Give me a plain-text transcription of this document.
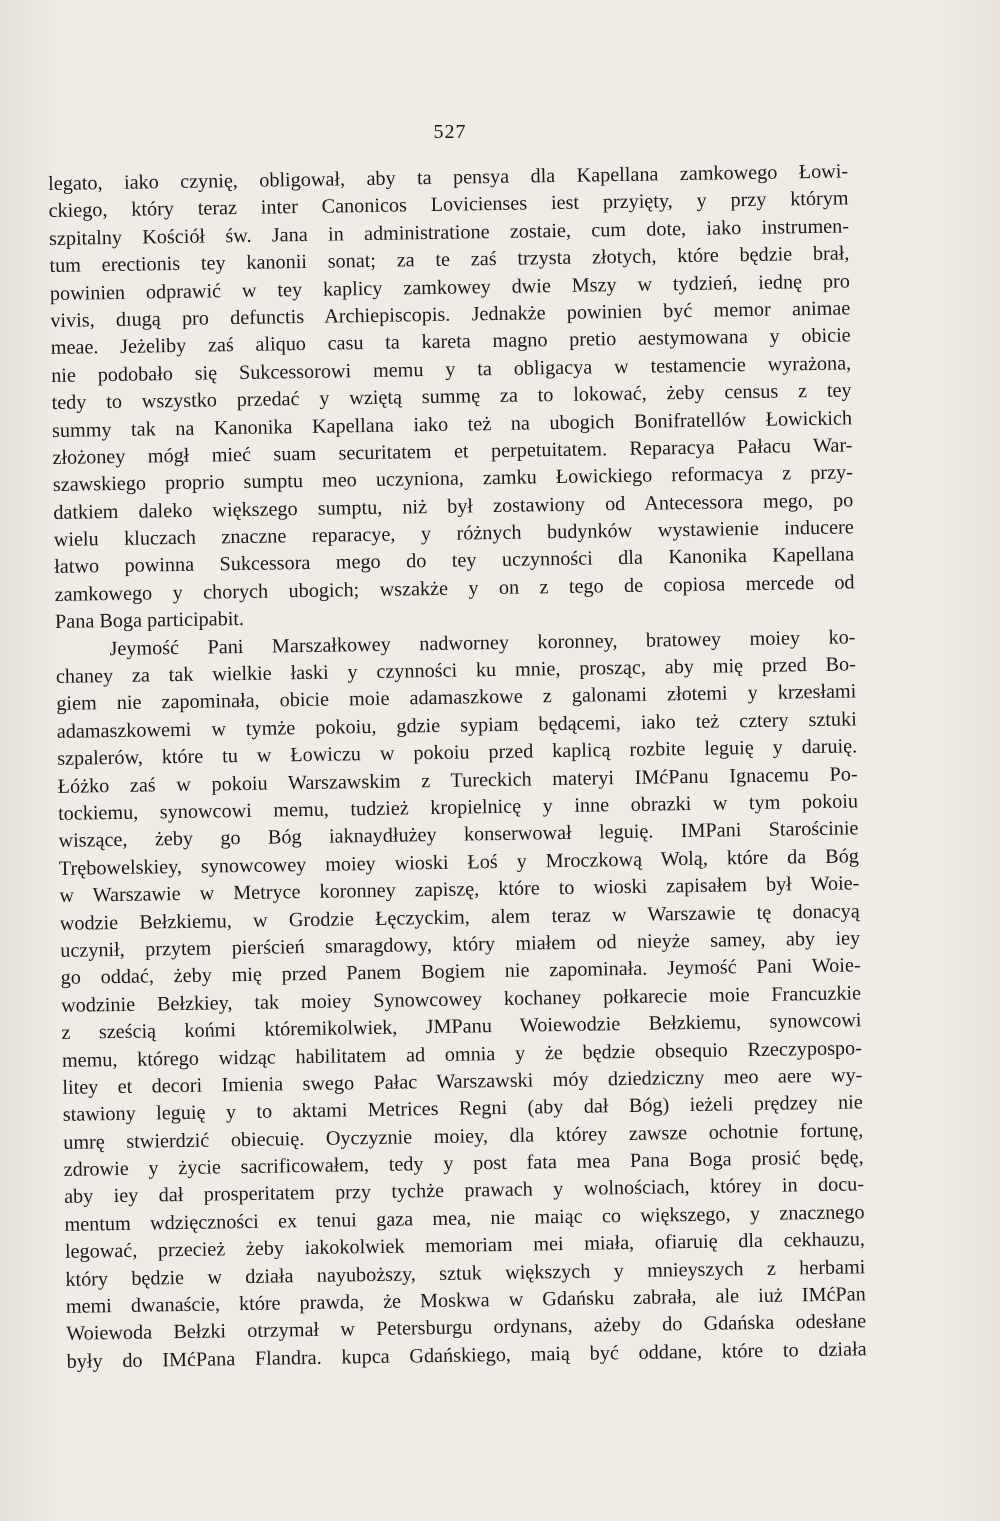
527
legato, iako czynię, obligował, aby ta pensya dla Kapellana zamkowego Łowi-
ckiego, który teraz inter Canonicos Lovicienses iest przyięty, y przy którym
szpitalny Kościół św. Jana in administratione zostaie, cum dote, iako instrumen-
tum erectionis tey kanonii sonat; za te zaś trzysta złotych, które będzie brał,
powinien odprawić w tey kaplicy zamkowey dwie Mszy w tydzień, iednę pro
vivis, dıugą pro defunctis Archiepiscopis. Jednakże powinien być memor animae
meae. Jeżeliby zaś aliquo casu ta kareta magno pretio aestymowana y obicie
nie podobało się Sukcessorowi memu y ta obligacya w testamencie wyrażona,
tedy to wszystko przedać y wziętą summę za to lokować, żeby census z tey
summy tak na Kanonika Kapellana iako też na ubogich Bonifratellów Łowickich
złożoney mógł mieć suam securitatem et perpetuitatem. Reparacya Pałacu War-
szawskiego proprio sumptu meo uczyniona, zamku Łowickiego reformacya z przy-
datkiem daleko większego sumptu, niż był zostawiony od Antecessora mego, po
wielu kluczach znaczne reparacye, y różnych budynków wystawienie inducere
łatwo powinna Sukcessora mego do tey uczynności dla Kanonika Kapellana
zamkowego y chorych ubogich; wszakże y on z tego de copiosa mercede od
Pana Boga participabit.
Jeymość Pani Marszałkowey nadworney koronney, bratowey moiey ko-
chaney za tak wielkie łaski y czynności ku mnie, prosząc, aby mię przed Bo-
giem nie zapominała, obicie moie adamaszkowe z galonami złotemi y krzesłami
adamaszkowemi w tymże pokoiu, gdzie sypiam będącemi, iako też cztery sztuki
szpalerów, które tu w Łowiczu w pokoiu przed kaplicą rozbite leguię y daruię.
Łóżko zaś w pokoiu Warszawskim z Tureckich materyi IMćPanu Ignacemu Po-
tockiemu, synowcowi memu, tudzież kropielnicę y inne obrazki w tym pokoiu
wiszące, żeby go Bóg iaknaydłużey konserwował leguię. IMPani Starościnie
Trębowelskiey, synowcowey moiey wioski Łoś y Mroczkową Wolą, które da Bóg
w Warszawie w Metryce koronney zapiszę, które to wioski zapisałem był Woie-
wodzie Bełzkiemu, w Grodzie Łęczyckim, alem teraz w Warszawie tę donacyą
uczynił, przytem pierścień smaragdowy, który miałem od nieyże samey, aby iey
go oddać, żeby mię przed Panem Bogiem nie zapominała. Jeymość Pani Woie-
wodzinie Bełzkiey, tak moiey Synowcowey kochaney połkarecie moie Francuzkie
z sześcią końmi któremikolwiek, JMPanu Woiewodzie Bełzkiemu, synowcowi
memu, którego widząc habilitatem ad omnia y że będzie obsequio Rzeczypospo-
litey et decori Imienia swego Pałac Warszawski móy dziedziczny meo aere wy-
stawiony leguię y to aktami Metrices Regni (aby dał Bóg) ieżeli prędzey nie
umrę stwierdzić obiecuię. Oyczyznie moiey, dla którey zawsze ochotnie fortunę,
zdrowie y życie sacrificowałem, tedy y post fata mea Pana Boga prosić będę,
aby iey dał prosperitatem przy tychże prawach y wolnościach, którey in docu-
mentum wdzięczności ex tenui gaza mea, nie maiąc co większego, y znacznego
legować, przecież żeby iakokolwiek memoriam mei miała, ofiaruię dla cekhauzu,
który będzie w działa nayuboższy, sztuk większych y mnieyszych z herbami
memi dwanaście, które prawda, że Moskwa w Gdańsku zabrała, ale iuż IMćPan
Woiewoda Bełzki otrzymał w Petersburgu ordynans, ażeby do Gdańska odesłane
były do IMćPana Flandra. kupca Gdańskiego, maią być oddane, które to działa
